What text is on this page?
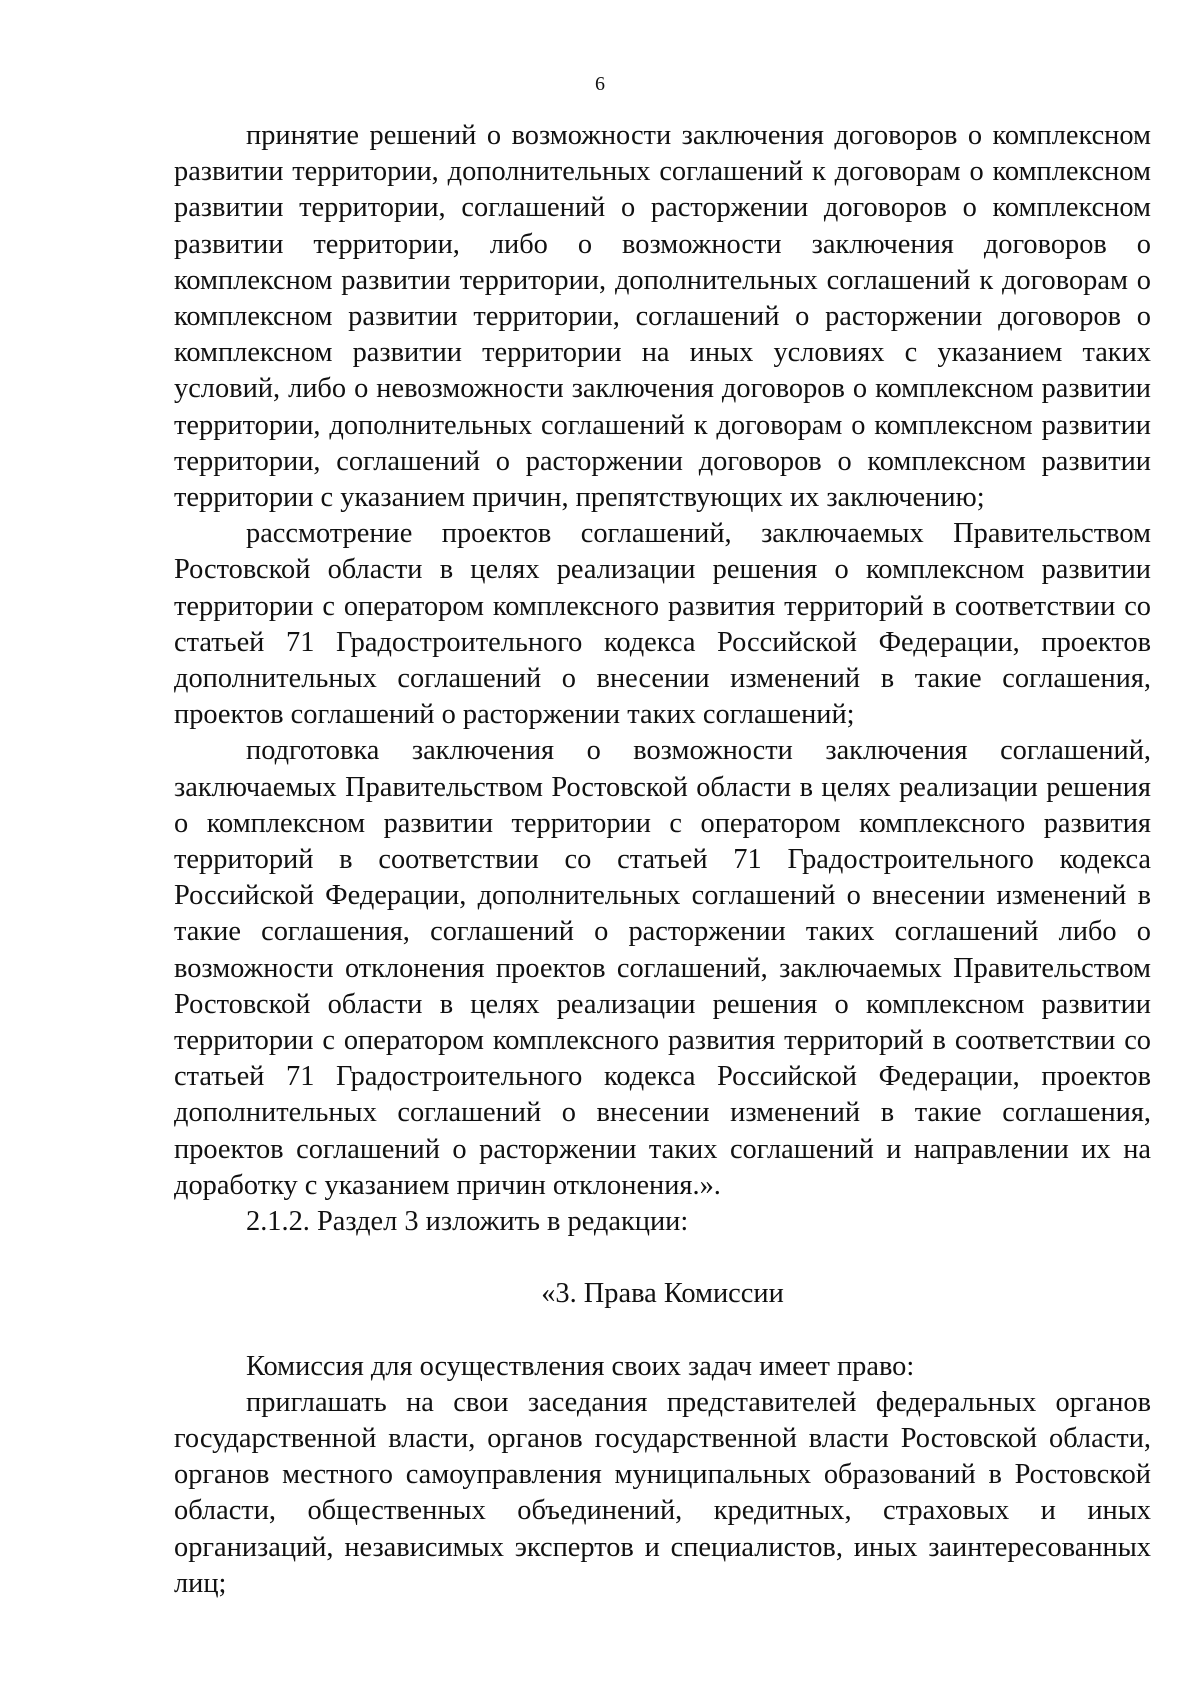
6

принятие решений о возможности заключения договоров о комплексном развитии территории, дополнительных соглашений к договорам о комплексном развитии территории, соглашений о расторжении договоров о комплексном развитии территории, либо о возможности заключения договоров о комплексном развитии территории, дополнительных соглашений к договорам о комплексном развитии территории, соглашений о расторжении договоров о комплексном развитии территории на иных условиях с указанием таких условий, либо о невозможности заключения договоров о комплексном развитии территории, дополнительных соглашений к договорам о комплексном развитии территории, соглашений о расторжении договоров о комплексном развитии территории с указанием причин, препятствующих их заключению;

рассмотрение проектов соглашений, заключаемых Правительством Ростовской области в целях реализации решения о комплексном развитии территории с оператором комплексного развития территорий в соответствии со статьей 71 Градостроительного кодекса Российской Федерации, проектов дополнительных соглашений о внесении изменений в такие соглашения, проектов соглашений о расторжении таких соглашений;

подготовка заключения о возможности заключения соглашений, заключаемых Правительством Ростовской области в целях реализации решения о комплексном развитии территории с оператором комплексного развития территорий в соответствии со статьей 71 Градостроительного кодекса Российской Федерации, дополнительных соглашений о внесении изменений в такие соглашения, соглашений о расторжении таких соглашений либо о возможности отклонения проектов соглашений, заключаемых Правительством Ростовской области в целях реализации решения о комплексном развитии территории с оператором комплексного развития территорий в соответствии со статьей 71 Градостроительного кодекса Российской Федерации, проектов дополнительных соглашений о внесении изменений в такие соглашения, проектов соглашений о расторжении таких соглашений и направлении их на доработку с указанием причин отклонения.».

2.1.2. Раздел 3 изложить в редакции:

«3. Права Комиссии

Комиссия для осуществления своих задач имеет право:

приглашать на свои заседания представителей федеральных органов государственной власти, органов государственной власти Ростовской области, органов местного самоуправления муниципальных образований в Ростовской области, общественных объединений, кредитных, страховых и иных организаций, независимых экспертов и специалистов, иных заинтересованных лиц;
